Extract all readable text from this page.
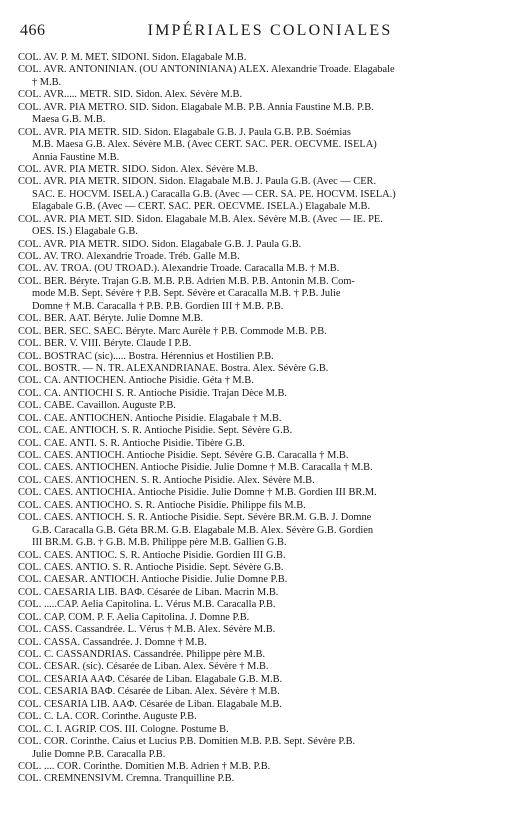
466	IMPÉRIALES COLONIALES
COL. AV. P. M. MET. SIDONI. Sidon. Elagabale M.B.
COL. AVR. ANTONINIAN. (OU ANTONINIANA) ALEX. Alexandrie Troade. Elagabale
† M.B.
COL. AVR..... METR. SID. Sidon. Alex. Sévère M.B.
COL. AVR. PIA METRO. SID. Sidon. Elagabale M.B. P.B. Annia Faustine M.B. P.B.
Maesa G.B. M.B.
COL. AVR. PIA METR. SID. Sidon. Elagabale G.B. J. Paula G.B. P.B. Soémias
M.B. Maesa G.B. Alex. Sévère M.B. (Avec CERT. SAC. PER. OECVME. ISELA)
Annia Faustine M.B.
COL. AVR. PIA METR. SIDO. Sidon. Alex. Sévère M.B.
COL. AVR. PIA METR. SIDON. Sidon. Elagabale M.B. J. Paula G.B. (Avec — CER.
SAC. E. HOCVM. ISELA.) Caracalla G.B. (Avec — CER. SA. PE. HOCVM. ISELA.)
Elagabale G.B. (Avec — CERT. SAC. PER. OECVME. ISELA.) Elagabale M.B.
COL. AVR. PIA MET. SID. Sidon. Elagabale M.B. Alex. Sévère M.B. (Avec — IE. PE.
OES. IS.) Elagabale G.B.
COL. AVR. PIA METR. SIDO. Sidon. Elagabale G.B. J. Paula G.B.
COL. AV. TRO. Alexandrie Troade. Tréb. Galle M.B.
COL. AV. TROA. (OU TROAD.). Alexandrie Troade. Caracalla M.B. † M.B.
COL. BER. Béryte. Trajan G.B. M.B. P.B. Adrien M.B. P.B. Antonin M.B. Com-
mode M.B. Sept. Sévère † P.B. Sept. Sévère et Caracalla M.B. † P.B. Julie
Domne † M.B. Caracalla † P.B. P.B. Gordien III † M.B. P.B.
COL. BER. AAT. Béryte. Julie Domne M.B.
COL. BER. SEC. SAEC. Béryte. Marc Aurèle † P.B. Commode M.B. P.B.
COL. BER. V. VIII. Béryte. Claude I P.B.
COL. BOSTRAC (sic)..... Bostra. Hérennius et Hostilien P.B.
COL. BOSTR. — N. TR. ALEXANDRIANAE. Bostra. Alex. Sévère G.B.
COL. CA. ANTIOCHEN. Antioche Pisidie. Géta † M.B.
COL. CA. ANTIOCHI S. R. Antioche Pisidie. Trajan Dèce M.B.
COL. CABE. Cavaillon. Auguste P.B.
COL. CAE. ANTIOCHEN. Antioche Pisidie. Elagabale † M.B.
COL. CAE. ANTIOCH. S. R. Antioche Pisidie. Sept. Sévère G.B.
COL. CAE. ANTI. S. R. Antioche Pisidie. Tibère G.B.
COL. CAES. ANTIOCH. Antioche Pisidie. Sept. Sévère G.B. Caracalla † M.B.
COL. CAES. ANTIOCHEN. Antioche Pisidie. Julie Domne † M.B. Caracalla † M.B.
COL. CAES. ANTIOCHEN. S. R. Antioche Pisidie. Alex. Sévère M.B.
COL. CAES. ANTIOCHIA. Antioche Pisidie. Julie Domne † M.B. Gordien III BR.M.
COL. CAES. ANTIOCHO. S. R. Antioche Pisidie. Philippe fils M.B.
COL. CAES. ANTIOCH. S. R. Antioche Pisidie. Sept. Sévère BR.M. G.B. J. Domne
G.B. Caracalla G.B. Géta BR.M. G.B. Elagabale M.B. Alex. Sévère G.B. Gordien
III BR.M. G.B. † G.B. M.B. Philippe père M.B. Gallien G.B.
COL. CAES. ANTIOC. S. R. Antioche Pisidie. Gordien III G.B.
COL. CAES. ANTIO. S. R. Antioche Pisidie. Sept. Sévère G.B.
COL. CAESAR. ANTIOCH. Antioche Pisidie. Julie Domne P.B.
COL. CAESARIA LIB. BAΦ. Césarée de Liban. Macrin M.B.
COL. .....CAP. Aelia Capitolina. L. Vérus M.B. Caracalla P.B.
COL. CAP. COM. P. F. Aelia Capitolina. J. Domne P.B.
COL. CASS. Cassandrée. L. Vérus † M.B. Alex. Sévère M.B.
COL. CASSA. Cassandrée. J. Domne † M.B.
COL. C. CASSANDRIAS. Cassandrée. Philippe père M.B.
COL. CESAR. (sic). Césarée de Liban. Alex. Sévère † M.B.
COL. CESARIA AAΦ. Césarée de Liban. Elagabale G.B. M.B.
COL. CESARIA BAΦ. Césarée de Liban. Alex. Sévère † M.B.
COL. CESARIA LIB. AAΦ. Césarée de Liban. Elagabale M.B.
COL. C. LA. COR. Corinthe. Auguste P.B.
COL. C. I. AGRIP. COS. III. Cologne. Postume B.
COL. COR. Corinthe. Caius et Lucius P.B. Domitien M.B. P.B. Sept. Sévère P.B.
Julie Domne P.B. Caracalla P.B.
COL. .... COR. Corinthe. Domitien M.B. Adrien † M.B. P.B.
COL. CREMNENSIVM. Cremna. Tranquilline P.B.
